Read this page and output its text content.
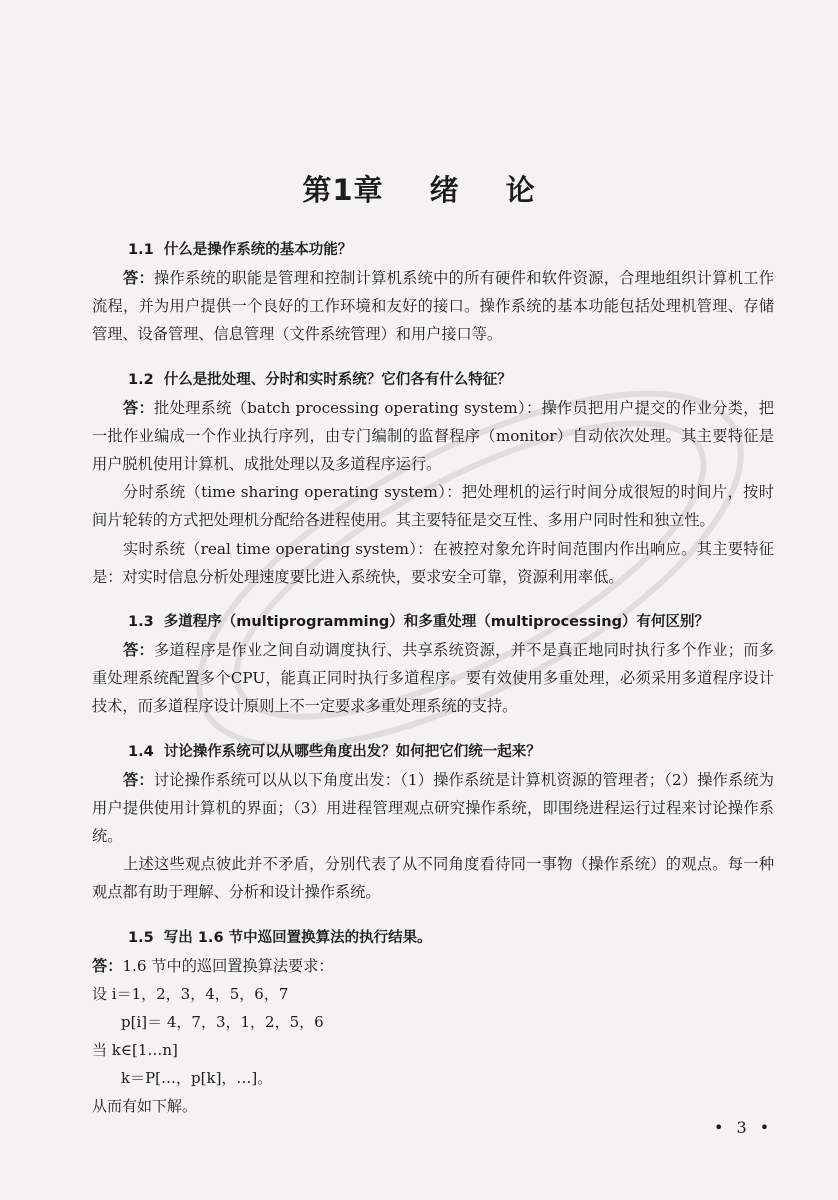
第1章 绪 论
1.1 什么是操作系统的基本功能？

答：操作系统的职能是管理和控制计算机系统中的所有硬件和软件资源，合理地组织计算机工作流程，并为用户提供一个良好的工作环境和友好的接口。操作系统的基本功能包括处理机管理、存储管理、设备管理、信息管理（文件系统管理）和用户接口等。

1.2 什么是批处理、分时和实时系统？它们各有什么特征？

答：批处理系统（batch processing operating system）：操作员把用户提交的作业分类，把一批作业编成一个作业执行序列，由专门编制的监督程序（monitor）自动依次处理。其主要特征是用户脱机使用计算机、成批处理以及多道程序运行。

分时系统（time sharing operating system）：把处理机的运行时间分成很短的时间片，按时间片轮转的方式把处理机分配给各进程使用。其主要特征是交互性、多用户同时性和独立性。

实时系统（real time operating system）：在被控对象允许时间范围内作出响应。其主要特征是：对实时信息分析处理速度要比进入系统快，要求安全可靠，资源利用率低。

1.3 多道程序（multiprogramming）和多重处理（multiprocessing）有何区别？

答：多道程序是作业之间自动调度执行、共享系统资源，并不是真正地同时执行多个作业；而多重处理系统配置多个CPU，能真正同时执行多道程序。要有效使用多重处理，必须采用多道程序设计技术，而多道程序设计原则上不一定要求多重处理系统的支持。

1.4 讨论操作系统可以从哪些角度出发？如何把它们统一起来？

答：讨论操作系统可以从以下角度出发：（1）操作系统是计算机资源的管理者；（2）操作系统为用户提供使用计算机的界面；（3）用进程管理观点研究操作系统，即围绕进程运行过程来讨论操作系统。

上述这些观点彼此并不矛盾，分别代表了从不同角度看待同一事物（操作系统）的观点。每一种观点都有助于理解、分析和设计操作系统。

1.5 写出 1.6 节中巡回置换算法的执行结果。

答：1.6 节中的巡回置换算法要求：

设 i＝1，2，3，4，5，6，7
p[i]＝ 4，7，3，1，2，5，6
当 k∈[1…n]
k＝P[…，p[k]，…]。
从而有如下解。
• 3 •
